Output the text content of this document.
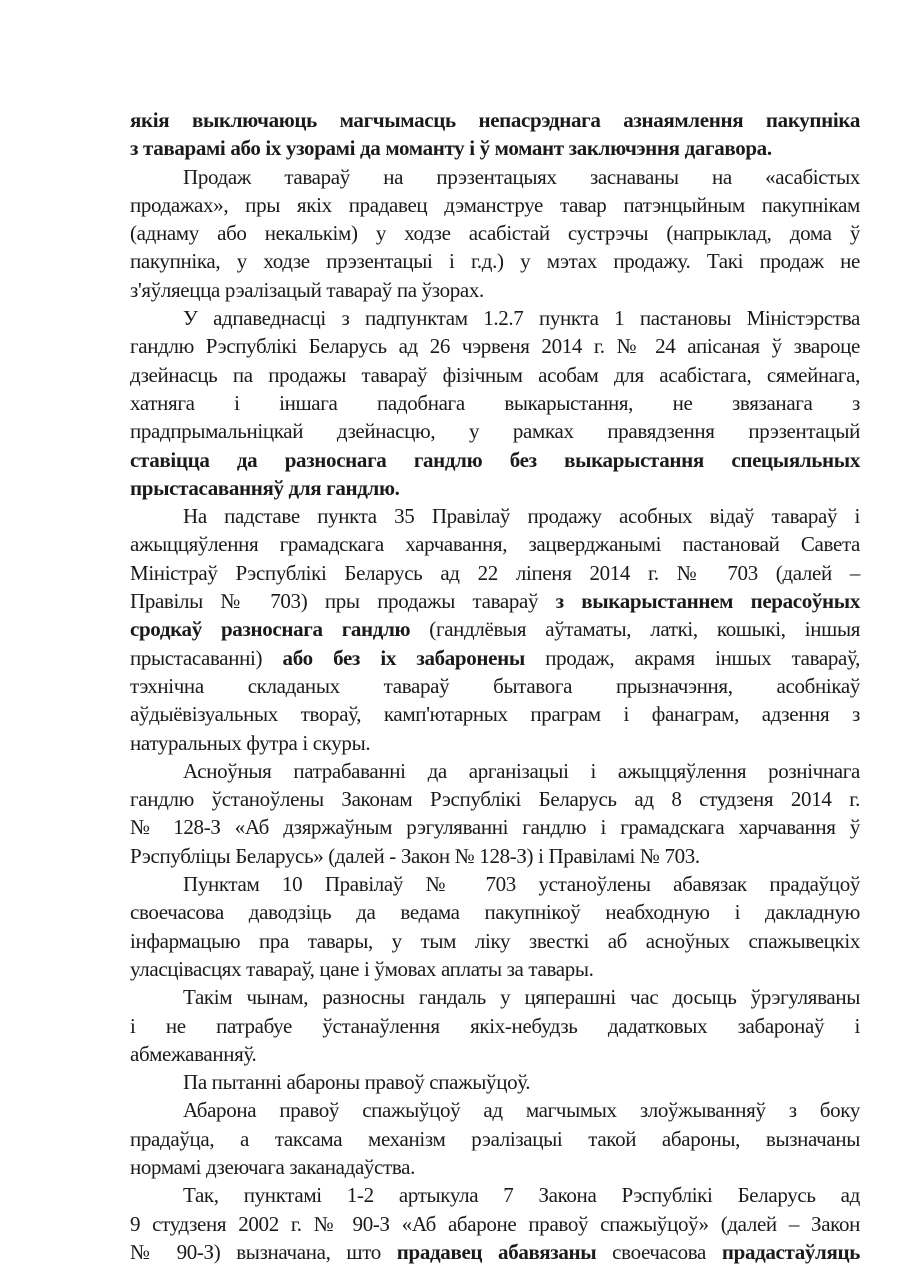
якія выключаюць магчымасць непасрэднага азнаямлення пакупніка
з таварамі або іх узорамі да моманту і ў момант заключэння дагавора.
Продаж тавараў на прэзентацыях заснаваны на «асабістых
продажах», пры якіх прадавец дэманструе тавар патэнцыйным пакупнікам
(аднаму або некалькім) у ходзе асабістай сустрэчы (напрыклад, дома ў
пакупніка, у ходзе прэзентацыі і г.д.) у мэтах продажу. Такі продаж не
з'яўляецца рэалізацый тавараў па ўзорах.
У адпаведнасці з падпунктам 1.2.7 пункта 1 пастановы Міністэрства
гандлю Рэспублікі Беларусь ад 26 чэрвеня 2014 г. № 24 апісаная ў звароце
дзейнасць па продажы тавараў фізічным асобам для асабістага, сямейнага,
хатняга і іншага падобнага выкарыстання, не звязанага з
прадпрымальніцкай дзейнасцю, у рамках правядзення прэзентацый
ставіцца да разноснага гандлю без выкарыстання спецыяльных
прыстасаванняў для гандлю.
На падставе пункта 35 Правілаў продажу асобных відаў тавараў і
ажыццяўлення грамадскага харчавання, зацверджанымі пастановай Савета
Міністраў Рэспублікі Беларусь ад 22 ліпеня 2014 г. № 703 (далей –
Правілы № 703) пры продажы тавараў з выкарыстаннем перасоўных
сродкаў разноснага гандлю (гандлёвыя аўтаматы, латкі, кошыкі, іншыя
прыстасаванні) або без іх забаронены продаж, акрамя іншых тавараў,
тэхнічна складаных тавараў бытавога прызначэння, асобнікаў
аўдыёвізуальных твораў, камп'ютарных праграм і фанаграм, адзення з
натуральных футра і скуры.
Асноўныя патрабаванні да арганізацыі і ажыццяўлення рознічнага
гандлю ўстаноўлены Законам Рэспублікі Беларусь ад 8 студзеня 2014 г.
№ 128-З «Аб дзяржаўным рэгуляванні гандлю і грамадскага харчавання ў
Рэспубліцы Беларусь» (далей - Закон № 128-З) і Правіламі № 703.
Пунктам 10 Правілаў № 703 устаноўлены абавязак прадаўцоў
своечасова даводзіць да ведама пакупнікоў неабходную і дакладную
інфармацыю пра тавары, у тым ліку звесткі аб асноўных спажывецкіх
уласцівасцях тавараў, цане і ўмовах аплаты за тавары.
Такім чынам, разносны гандаль у цяперашні час досыць ўрэгуляваны
і не патрабуе ўстанаўлення якіх-небудзь дадатковых забаронаў і
абмежаванняў.
Па пытанні абароны правоў спажыўцоў.
Абарона правоў спажыўцоў ад магчымых злоўжыванняў з боку
прадаўца, а таксама механізм рэалізацыі такой абароны, вызначаны
нормамі дзеючага заканадаўства.
Так, пунктамі 1-2 артыкула 7 Закона Рэспублікі Беларусь ад
9 студзеня 2002 г. № 90-З «Аб абароне правоў спажыўцоў» (далей – Закон
№ 90-З) вызначана, што прадавец абавязаны своечасова прадастаўляць
